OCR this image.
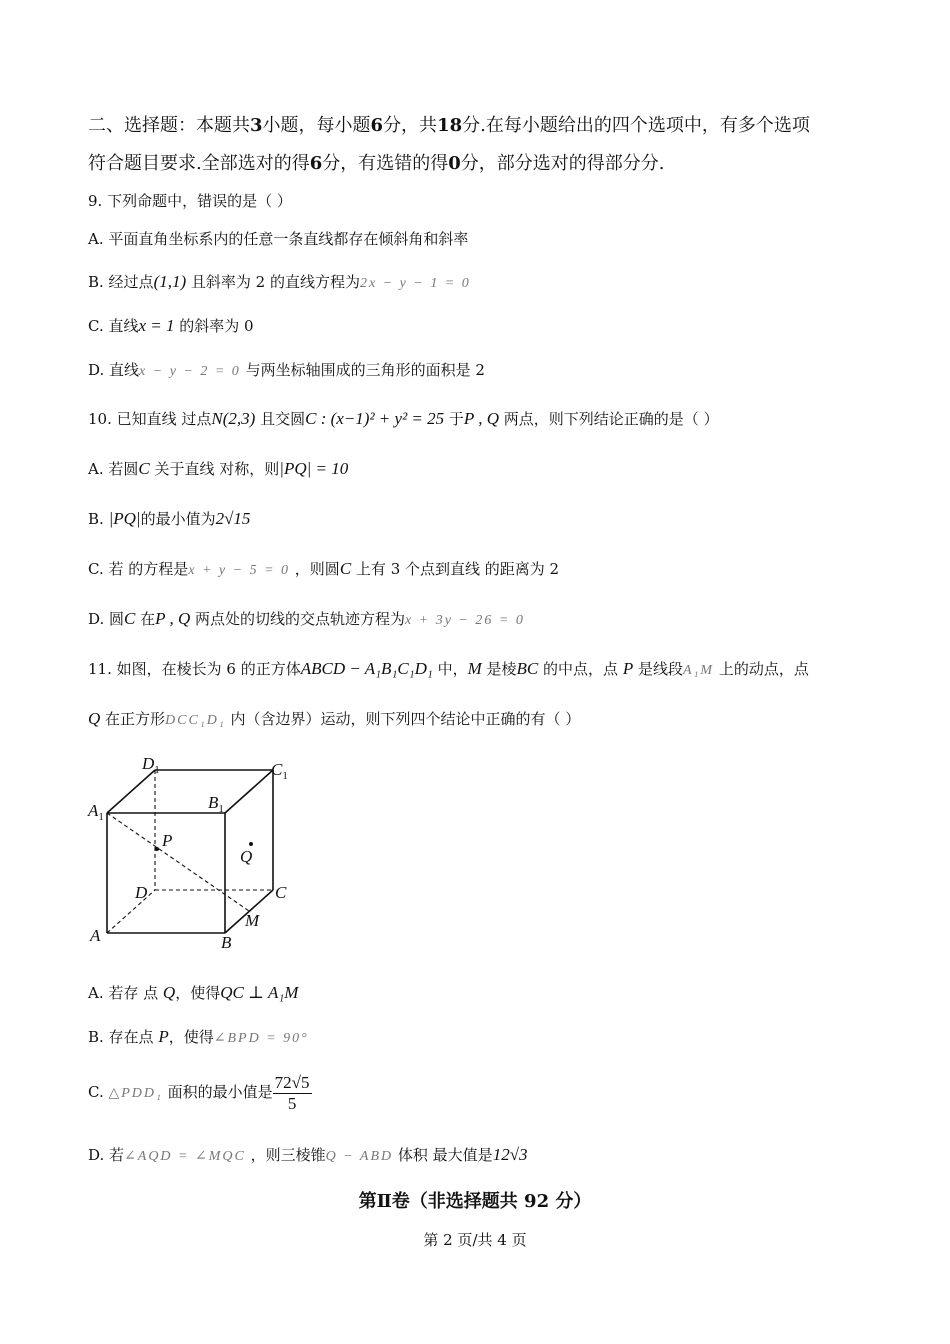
二、选择题：本题共3小题，每小题6分，共18分.在每小题给出的四个选项中，有多个选项
符合题目要求.全部选对的得6分，有选错的得0分，部分选对的得部分分.
9. 下列命题中，错误的是（ ）
A. 平面直角坐标系内的任意一条直线都存在倾斜角和斜率
B. 经过点(1,1) 且斜率为 2 的直线方程为2x − y − 1 = 0
C. 直线x = 1 的斜率为 0
D. 直线x − y − 2 = 0 与两坐标轴围成的三角形的面积是 2
10. 已知直线 过点N(2,3) 且交圆C : (x−1)² + y² = 25 于P , Q 两点，则下列结论正确的是（ ）
A. 若圆C 关于直线 对称，则|PQ| = 10
B. |PQ|的最小值为2√15
C. 若 的方程是x + y − 5 = 0 ，则圆C 上有 3 个点到直线 的距离为 2
D. 圆C 在P , Q 两点处的切线的交点轨迹方程为x + 3y − 26 = 0
11. 如图，在棱长为 6 的正方体ABCD − A₁B₁C₁D₁ 中，M 是棱BC 的中点，点 P 是线段A₁M 上的动点，点
Q 在正方形DCC₁D₁ 内（含边界）运动，则下列四个结论中正确的有（ ）
$D_1$	$C_1$
$A_1$
$B_1$
P
Q
D	C
M
A	B
A. 若存 点 Q，使得QC ⊥ A₁M
B. 存在点 P，使得∠BPD = 90°
C. △PDD₁ 面积的最小值是 $\frac{72√5}{5}$
D. 若∠AQD = ∠MQC ，则三棱锥Q − ABD 体积 最大值是12√3
第Ⅱ卷（非选择题共 92 分）
第 2 页/共 4 页
